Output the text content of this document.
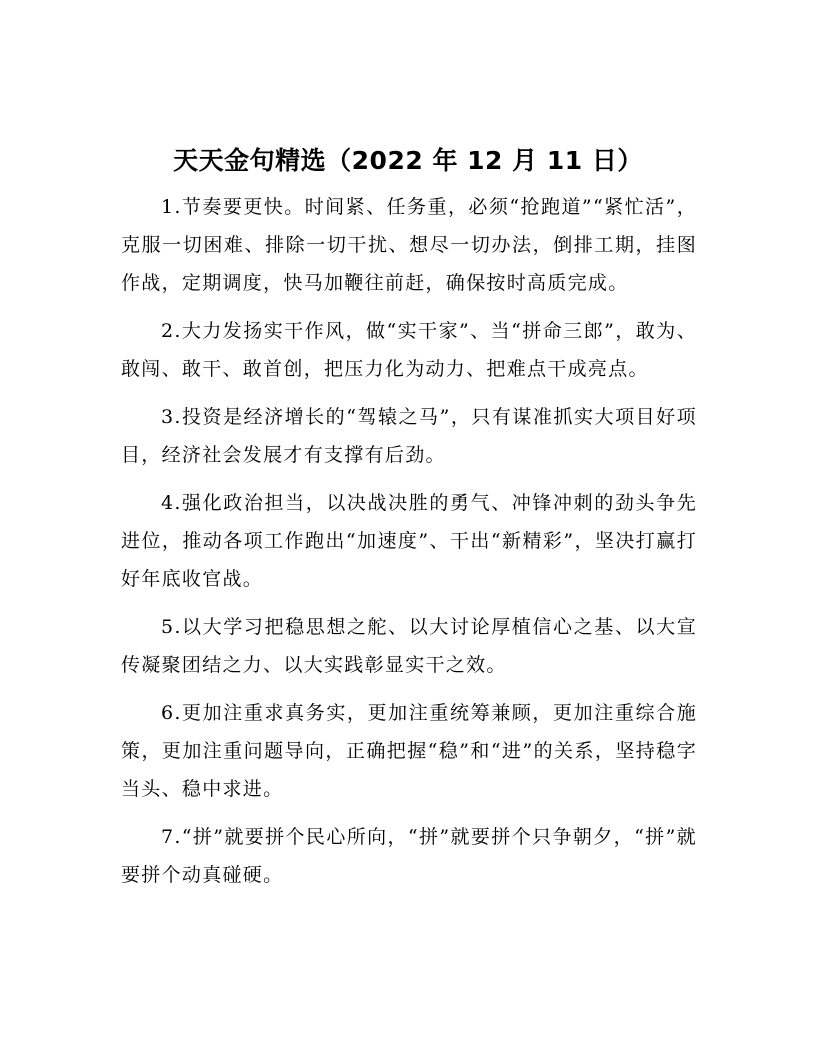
天天金句精选（2022 年 12 月 11 日）

1.节奏要更快。时间紧、任务重，必须“抢跑道”“紧忙活”，克服一切困难、排除一切干扰、想尽一切办法，倒排工期，挂图作战，定期调度，快马加鞭往前赶，确保按时高质完成。

2.大力发扬实干作风，做“实干家”、当“拼命三郎”，敢为、敢闯、敢干、敢首创，把压力化为动力、把难点干成亮点。

3.投资是经济增长的“驾辕之马”，只有谋准抓实大项目好项目，经济社会发展才有支撑有后劲。

4.强化政治担当，以决战决胜的勇气、冲锋冲刺的劲头争先进位，推动各项工作跑出“加速度”、干出“新精彩”，坚决打赢打好年底收官战。

5.以大学习把稳思想之舵、以大讨论厚植信心之基、以大宣传凝聚团结之力、以大实践彰显实干之效。

6.更加注重求真务实，更加注重统筹兼顾，更加注重综合施策，更加注重问题导向，正确把握“稳”和“进”的关系，坚持稳字当头、稳中求进。

7.“拼”就要拼个民心所向，“拼”就要拼个只争朝夕，“拼”就要拼个动真碰硬。
